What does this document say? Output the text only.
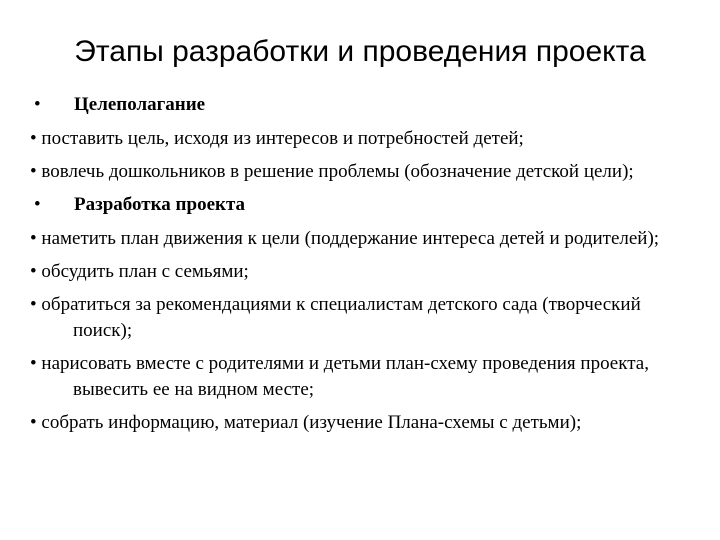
Этапы разработки и проведения проекта
• Целеполагание
• поставить цель, исходя из интересов и потребностей детей;
• вовлечь дошкольников в решение проблемы (обозначение детской цели);
• Разработка проекта
• наметить план движения к цели (поддержание интереса детей и родителей);
• обсудить план с семьями;
• обратиться за рекомендациями к специалистам детского сада (творческий поиск);
• нарисовать вместе с родителями и детьми план-схему проведения проекта, вывесить ее на видном месте;
• собрать информацию, материал (изучение Плана-схемы с детьми);
